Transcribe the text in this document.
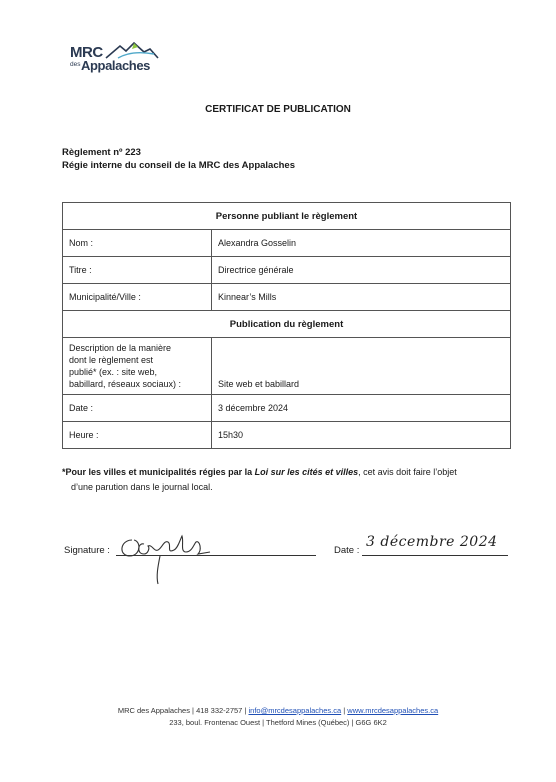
MRC
des Appalaches
CERTIFICAT DE PUBLICATION
Règlement nº 223
Régie interne du conseil de la MRC des Appalaches
Personne publiant le règlement	
Nom :	Alexandra Gosselin
Titre :	Directrice générale
Municipalité/Ville :	Kinnear’s Mills
Publication du règlement	

Description de la manière
dont le règlement est
publié* (ex. : site web,
babillard, réseaux sociaux) :	Site web et babillard
Date :	3 décembre 2024
Heure :	15h30
*Pour les villes et municipalités régies par la Loi sur les cités et villes, cet avis doit faire l’objet
d’une parution dans le journal local.
Signature :	Date :
3 décembre 2024
MRC des Appalaches | 418 332-2757 | info@mrcdesappalaches.ca | www.mrcdesappalaches.ca
233, boul. Frontenac Ouest | Thetford Mines (Québec) | G6G 6K2
